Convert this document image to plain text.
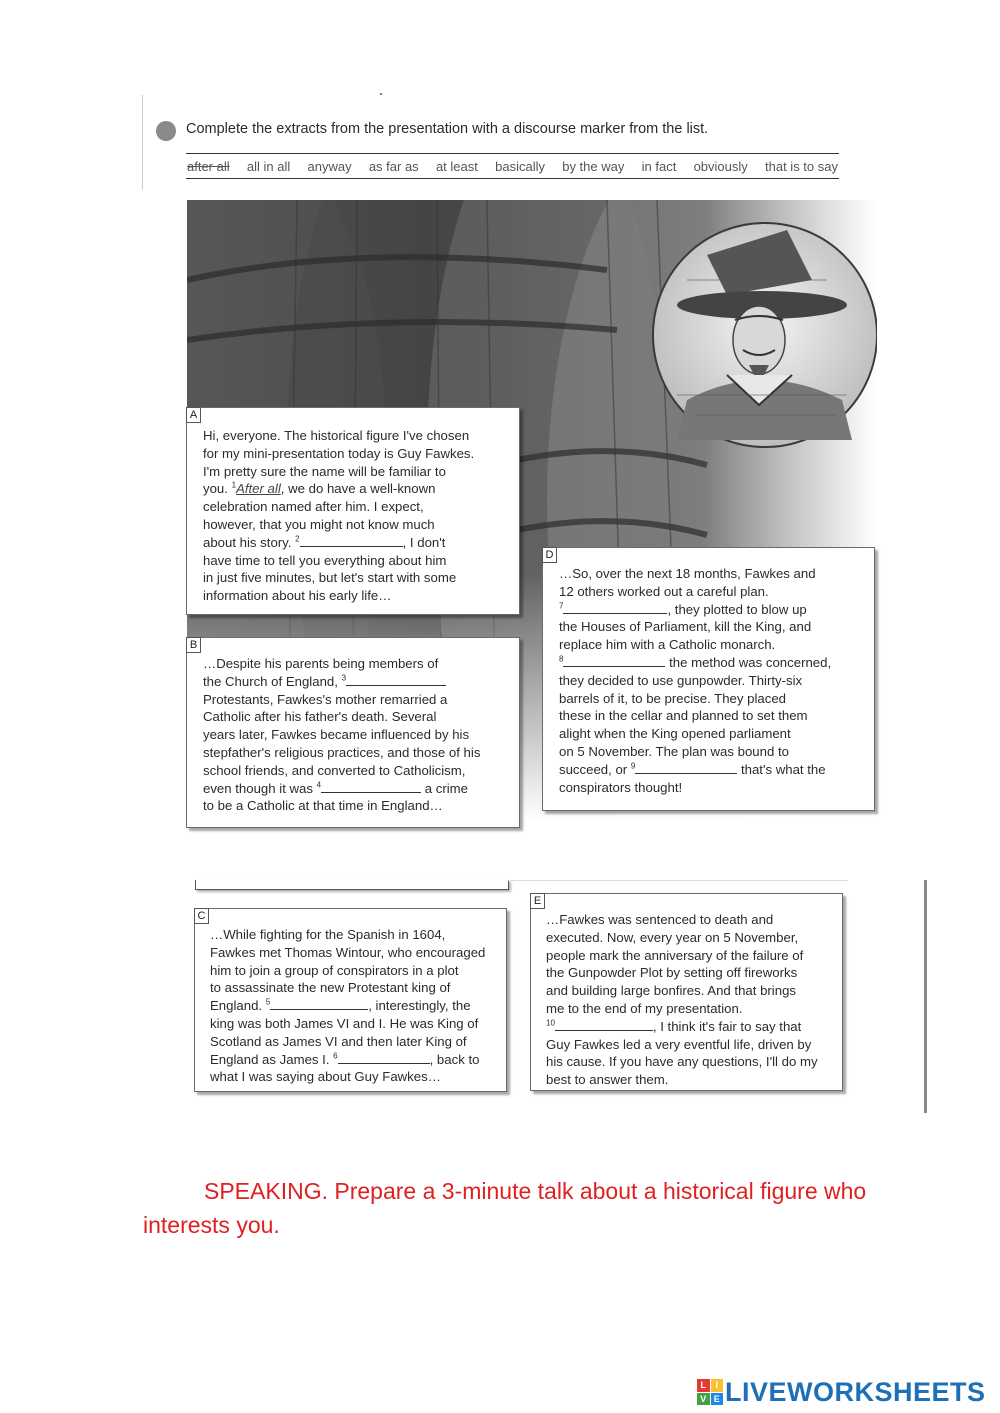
Complete the extracts from the presentation with a discourse marker from the list.
after all all in all anyway as far as at least basically by the way in fact obviously that is to say
A
Hi, everyone. The historical figure I've chosen
for my mini-presentation today is Guy Fawkes.
I'm pretty sure the name will be familiar to
you. $^1$After all, we do have a well-known
celebration named after him. I expect,
however, that you might not know much
about his story. $^2$	, I don't
have time to tell you everything about him
in just five minutes, but let's start with some
information about his early life…
B
…Despite his parents being members of
the Church of England, $^3$
Protestants, Fawkes's mother remarried a
Catholic after his father's death. Several
years later, Fawkes became influenced by his
stepfather's religious practices, and those of his
school friends, and converted to Catholicism,
even though it was $^4$	a crime
to be a Catholic at that time in England…
D
…So, over the next 18 months, Fawkes and
12 others worked out a careful plan.
$^7$	, they plotted to blow up
the Houses of Parliament, kill the King, and
replace him with a Catholic monarch.
$^8$	the method was concerned,
they decided to use gunpowder. Thirty-six
barrels of it, to be precise. They placed
these in the cellar and planned to set them
alight when the King opened parliament
on 5 November. The plan was bound to
succeed, or $^9$	that's what the
conspirators thought!
C
…While fighting for the Spanish in 1604,
Fawkes met Thomas Wintour, who encouraged
him to join a group of conspirators in a plot
to assassinate the new Protestant king of
England. $^5$	, interestingly, the
king was both James VI and I. He was King of
Scotland as James VI and then later King of
England as James I. $^6$	, back to
what I was saying about Guy Fawkes…
E
…Fawkes was sentenced to death and
executed. Now, every year on 5 November,
people mark the anniversary of the failure of
the Gunpowder Plot by setting off fireworks
and building large bonfires. And that brings
me to the end of my presentation.
$^{10}$	, I think it's fair to say that
Guy Fawkes led a very eventful life, driven by
his cause. If you have any questions, I'll do my
best to answer them.
SPEAKING. Prepare a 3-minute talk about a historical figure who interests you.
L	I
V E LIVEWORKSHEETS
